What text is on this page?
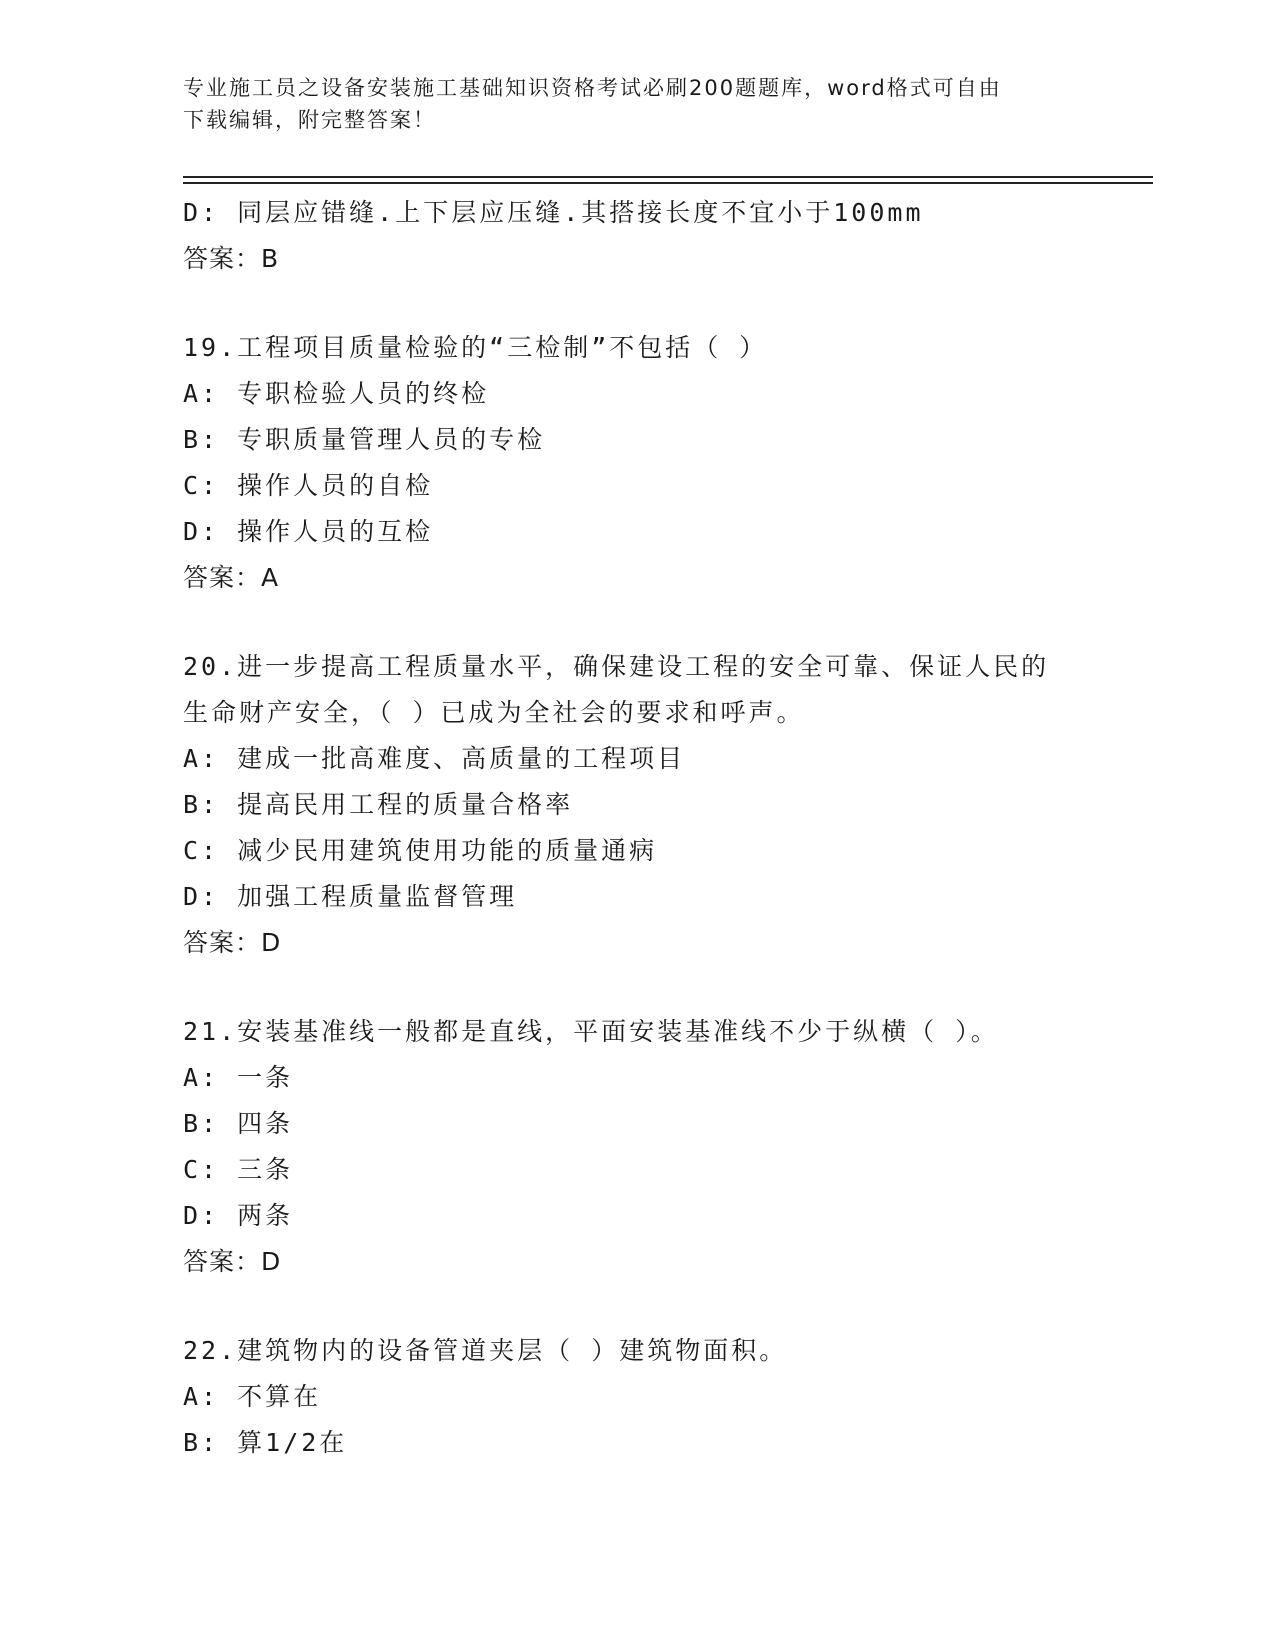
专业施工员之设备安装施工基础知识资格考试必刷200题题库，word格式可自由
下载编辑，附完整答案！
D: 同层应错缝.上下层应压缝.其搭接长度不宜小于100mm
答案：B
19.工程项目质量检验的“三检制”不包括（ ）
A: 专职检验人员的终检
B: 专职质量管理人员的专检
C: 操作人员的自检
D: 操作人员的互检
答案：A
20.进一步提高工程质量水平，确保建设工程的安全可靠、保证人民的
生命财产安全，（ ）已成为全社会的要求和呼声。
A: 建成一批高难度、高质量的工程项目
B: 提高民用工程的质量合格率
C: 减少民用建筑使用功能的质量通病
D: 加强工程质量监督管理
答案：D
21.安装基准线一般都是直线，平面安装基准线不少于纵横（ ）。
A: 一条
B: 四条
C: 三条
D: 两条
答案：D
22.建筑物内的设备管道夹层（ ）建筑物面积。
A: 不算在
B: 算1/2在
